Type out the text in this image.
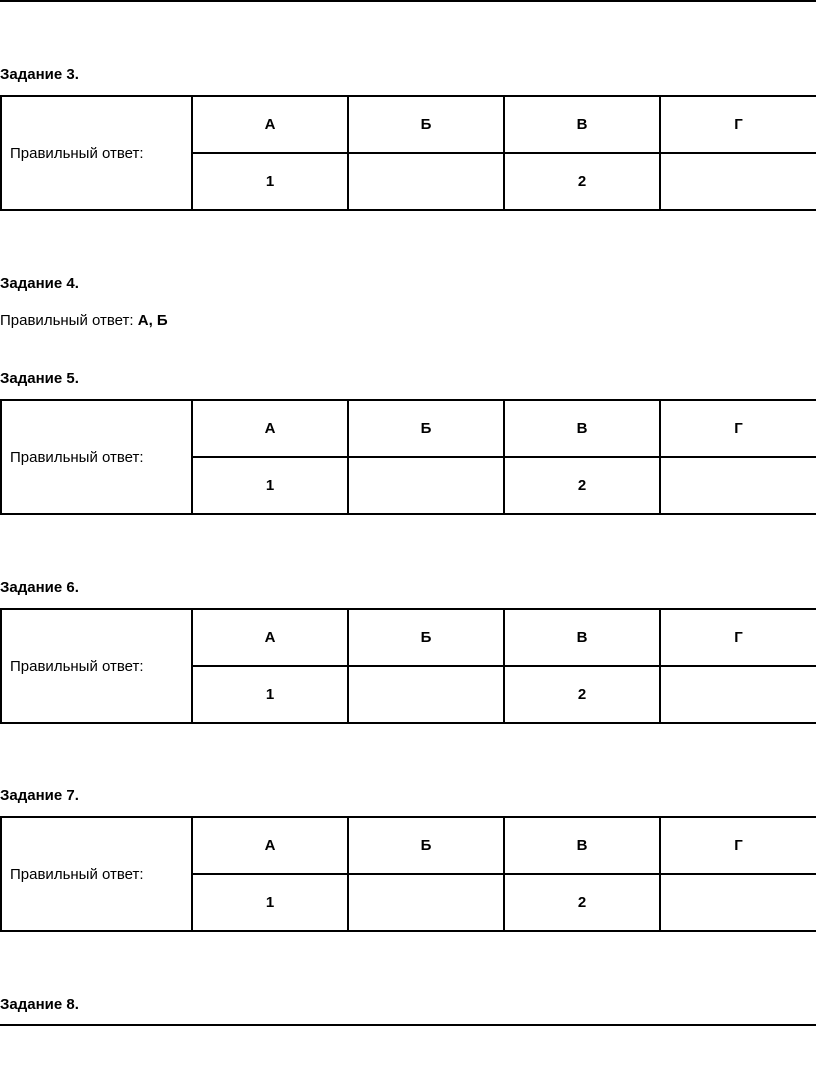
Задание 3.

Правильный ответ:	А	Б	В	Г
	1		2	

Задание 4.

Правильный ответ: А, Б

Задание 5.

Правильный ответ:	А	Б	В	Г
	1		2	

Задание 6.

Правильный ответ:	А	Б	В	Г
	1		2	

Задание 7.

Правильный ответ:	А	Б	В	Г
	1		2	

Задание 8.
